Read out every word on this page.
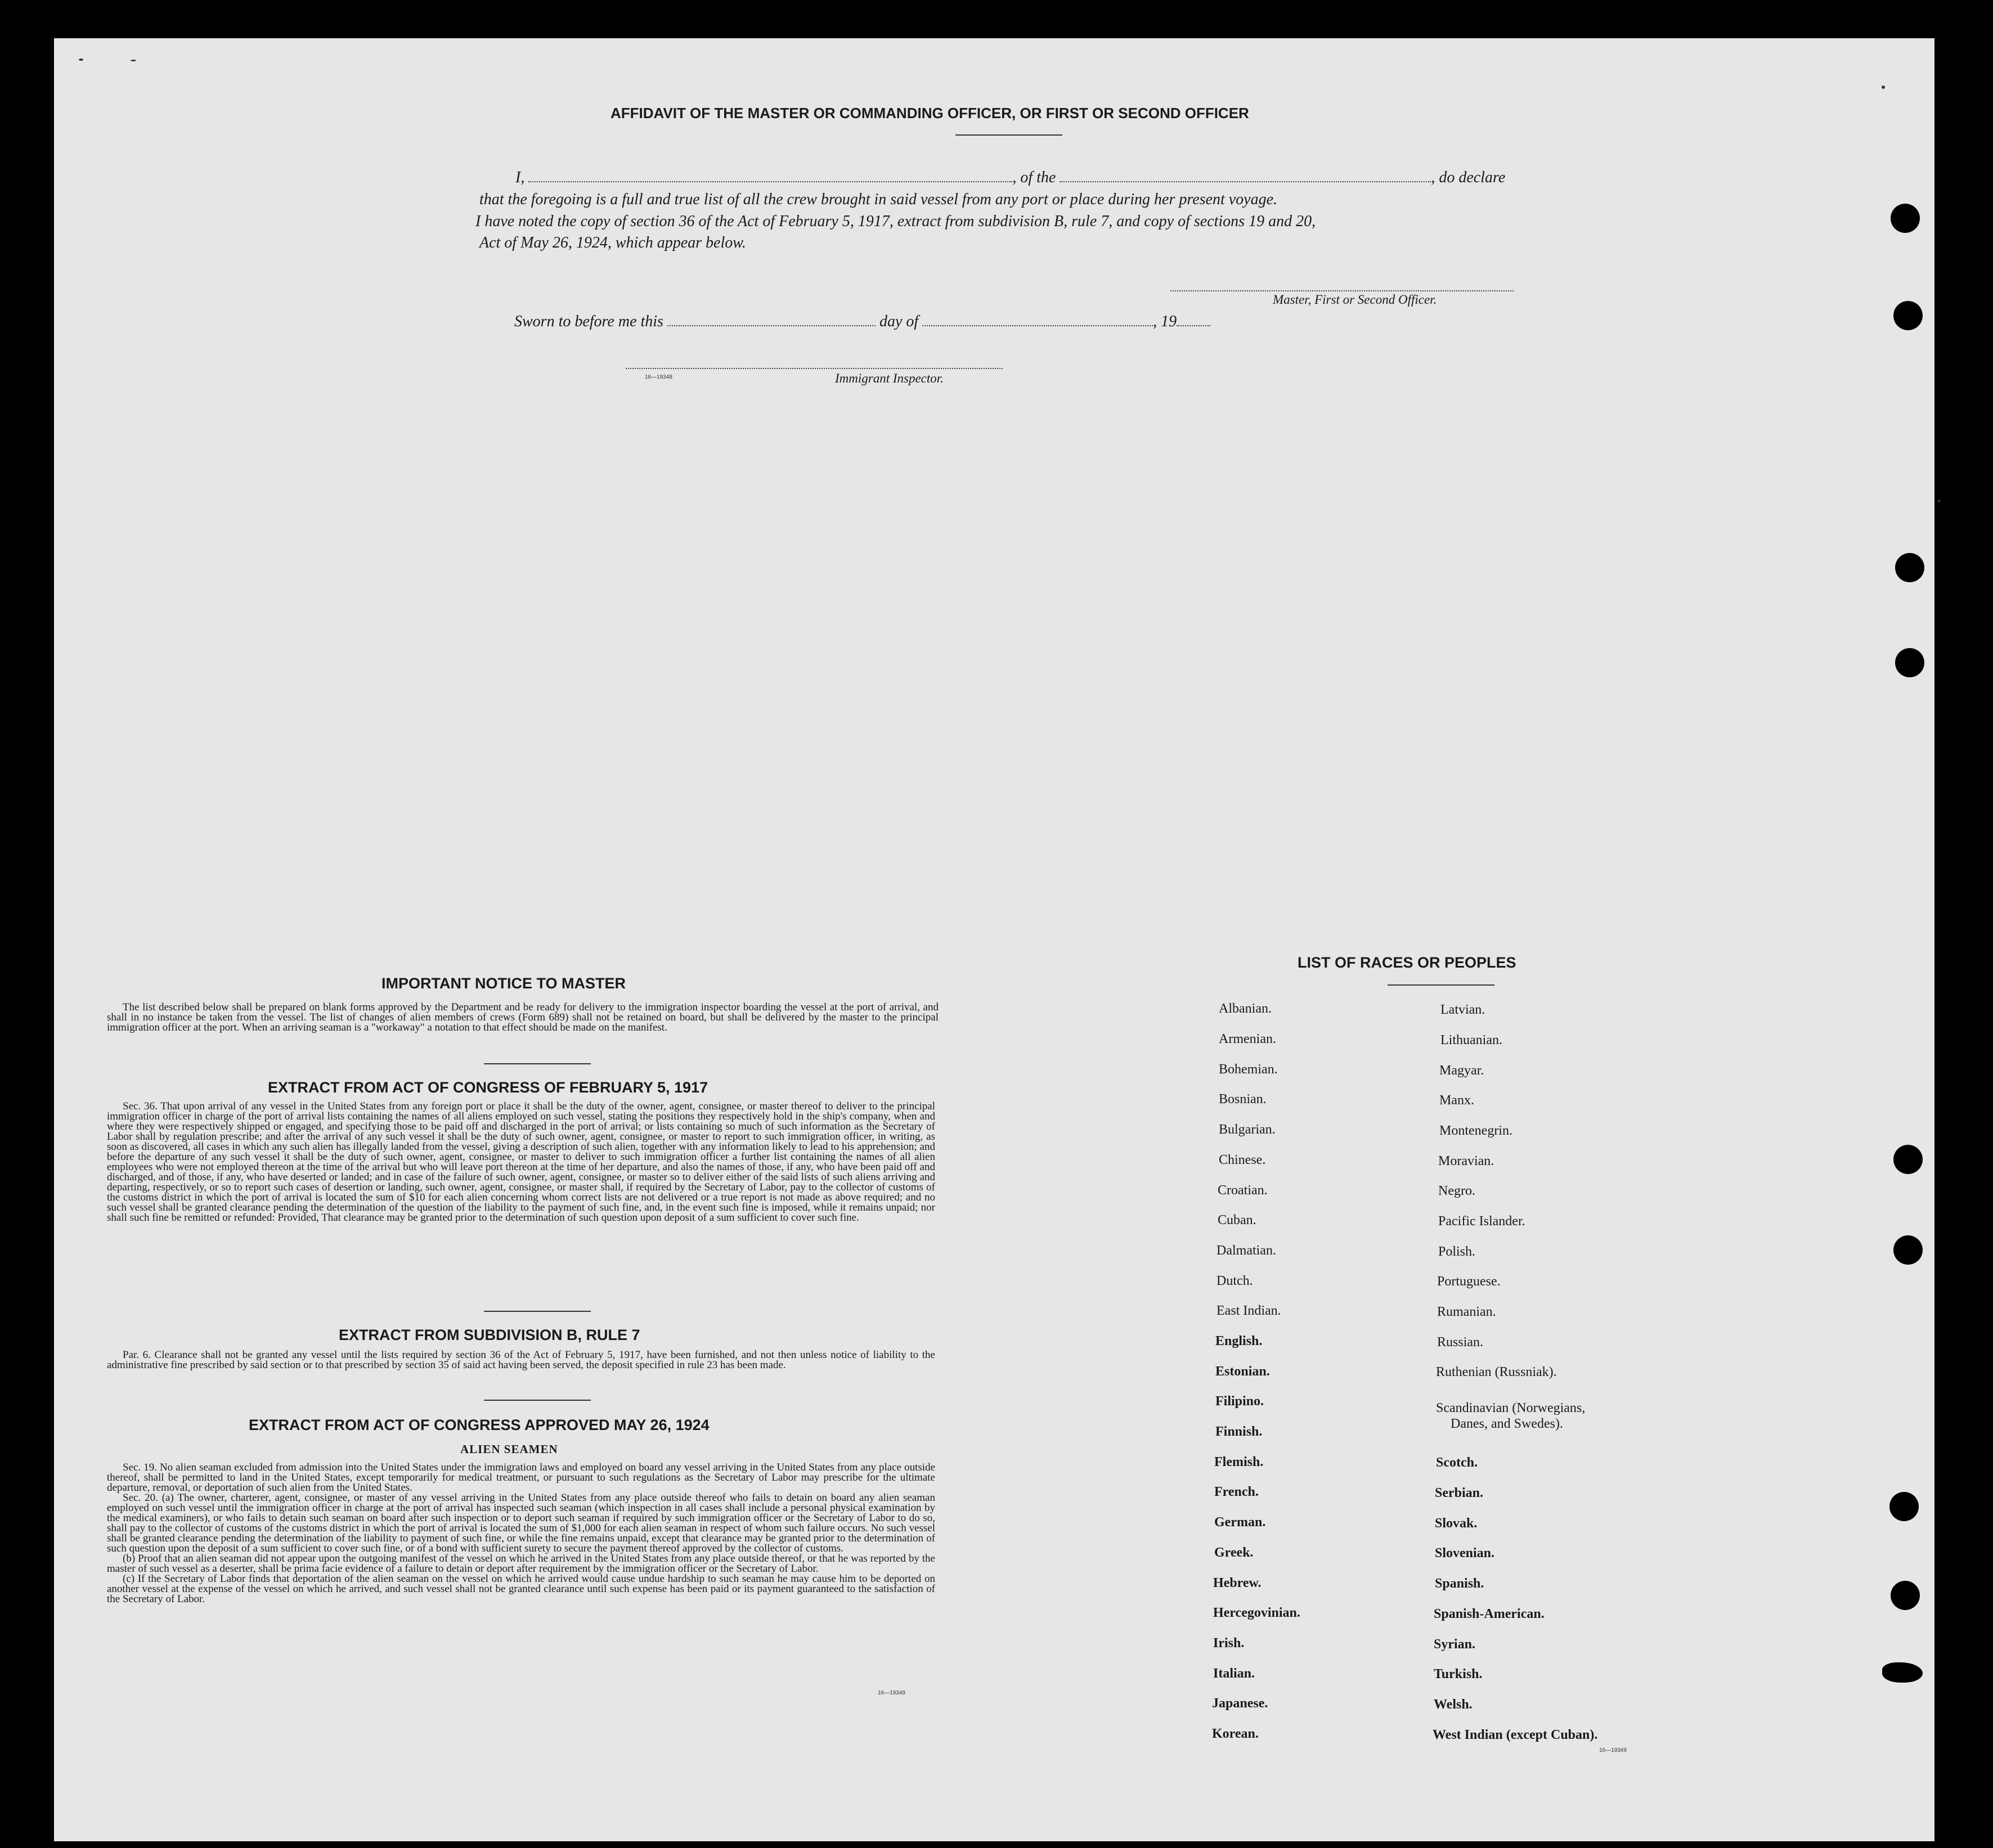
AFFIDAVIT OF THE MASTER OR COMMANDING OFFICER, OR FIRST OR SECOND OFFICER
I,	, of the	, do declare
that the foregoing is a full and true list of all the crew brought in said vessel from any port or place during her present voyage.
I have noted the copy of section 36 of the Act of February 5, 1917, extract from subdivision B, rule 7, and copy of sections 19 and 20,
Act of May 26, 1924, which appear below.
Master, First or Second Officer.
Sworn to before me this	day of	, 19
16—19348	Immigrant Inspector.
IMPORTANT NOTICE TO MASTER

The list described below shall be prepared on blank forms approved by the Department and be ready for delivery to the immigration inspector boarding the vessel at the port of arrival, and shall in no instance be taken from the vessel. The list of changes of alien members of crews (Form 689) shall not be retained on board, but shall be delivered by the master to the principal immigration officer at the port. When an arriving seaman is a "workaway" a notation to that effect should be made on the manifest.

EXTRACT FROM ACT OF CONGRESS OF FEBRUARY 5, 1917

Sec. 36. That upon arrival of any vessel in the United States from any foreign port or place it shall be the duty of the owner, agent, consignee, or master thereof to deliver to the principal immigration officer in charge of the port of arrival lists containing the names of all aliens employed on such vessel, stating the positions they respectively hold in the ship's company, when and where they were respectively shipped or engaged, and specifying those to be paid off and discharged in the port of arrival; or lists containing so much of such information as the Secretary of Labor shall by regulation prescribe; and after the arrival of any such vessel it shall be the duty of such owner, agent, consignee, or master to report to such immigration officer, in writing, as soon as discovered, all cases in which any such alien has illegally landed from the vessel, giving a description of such alien, together with any information likely to lead to his apprehension; and before the departure of any such vessel it shall be the duty of such owner, agent, consignee, or master to deliver to such immigration officer a further list containing the names of all alien employees who were not employed thereon at the time of the arrival but who will leave port thereon at the time of her departure, and also the names of those, if any, who have been paid off and discharged, and of those, if any, who have deserted or landed; and in case of the failure of such owner, agent, consignee, or master so to deliver either of the said lists of such aliens arriving and departing, respectively, or so to report such cases of desertion or landing, such owner, agent, consignee, or master shall, if required by the Secretary of Labor, pay to the collector of customs of the customs district in which the port of arrival is located the sum of $10 for each alien concerning whom correct lists are not delivered or a true report is not made as above required; and no such vessel shall be granted clearance pending the determination of the question of the liability to the payment of such fine, and, in the event such fine is imposed, while it remains unpaid; nor shall such fine be remitted or refunded: Provided, That clearance may be granted prior to the determination of such question upon deposit of a sum sufficient to cover such fine.

EXTRACT FROM SUBDIVISION B, RULE 7

Par. 6. Clearance shall not be granted any vessel until the lists required by section 36 of the Act of February 5, 1917, have been furnished, and not then unless notice of liability to the administrative fine prescribed by said section or to that prescribed by section 35 of said act having been served, the deposit specified in rule 23 has been made.

EXTRACT FROM ACT OF CONGRESS APPROVED MAY 26, 1924
ALIEN SEAMEN

Sec. 19. No alien seaman excluded from admission into the United States under the immigration laws and employed on board any vessel arriving in the United States from any place outside thereof, shall be permitted to land in the United States, except temporarily for medical treatment, or pursuant to such regulations as the Secretary of Labor may prescribe for the ultimate departure, removal, or deportation of such alien from the United States.

Sec. 20. (a) The owner, charterer, agent, consignee, or master of any vessel arriving in the United States from any place outside thereof who fails to detain on board any alien seaman employed on such vessel until the immigration officer in charge at the port of arrival has inspected such seaman (which inspection in all cases shall include a personal physical examination by the medical examiners), or who fails to detain such seaman on board after such inspection or to deport such seaman if required by such immigration officer or the Secretary of Labor to do so, shall pay to the collector of customs of the customs district in which the port of arrival is located the sum of $1,000 for each alien seaman in respect of whom such failure occurs. No such vessel shall be granted clearance pending the determination of the liability to payment of such fine, or while the fine remains unpaid, except that clearance may be granted prior to the determination of such question upon the deposit of a sum sufficient to cover such fine, or of a bond with sufficient surety to secure the payment thereof approved by the collector of customs.

(b) Proof that an alien seaman did not appear upon the outgoing manifest of the vessel on which he arrived in the United States from any place outside thereof, or that he was reported by the master of such vessel as a deserter, shall be prima facie evidence of a failure to detain or deport after requirement by the immigration officer or the Secretary of Labor.

(c) If the Secretary of Labor finds that deportation of the alien seaman on the vessel on which he arrived would cause undue hardship to such seaman he may cause him to be deported on another vessel at the expense of the vessel on which he arrived, and such vessel shall not be granted clearance until such expense has been paid or its payment guaranteed to the satisfaction of the Secretary of Labor.

16—19349
LIST OF RACES OR PEOPLES
Albanian.
Armenian.
Bohemian.
Bosnian.
Bulgarian.
Chinese.
Croatian.
Cuban.
Dalmatian.
Dutch.
East Indian.
English.
Estonian.
Filipino.
Finnish.
Flemish.
French.
German.
Greek.
Hebrew.
Hercegovinian.
Irish.
Italian.
Japanese.
Korean.
Latvian.
Lithuanian.
Magyar.
Manx.
Montenegrin.
Moravian.
Negro.
Pacific Islander.
Polish.
Portuguese.
Rumanian.
Russian.
Ruthenian (Russniak).
Scandinavian (Norwegians,
Danes, and Swedes).
Scotch.
Serbian.
Slovak.
Slovenian.
Spanish.
Spanish-American.
Syrian.
Turkish.
Welsh.
West Indian (except Cuban).
16—19349
